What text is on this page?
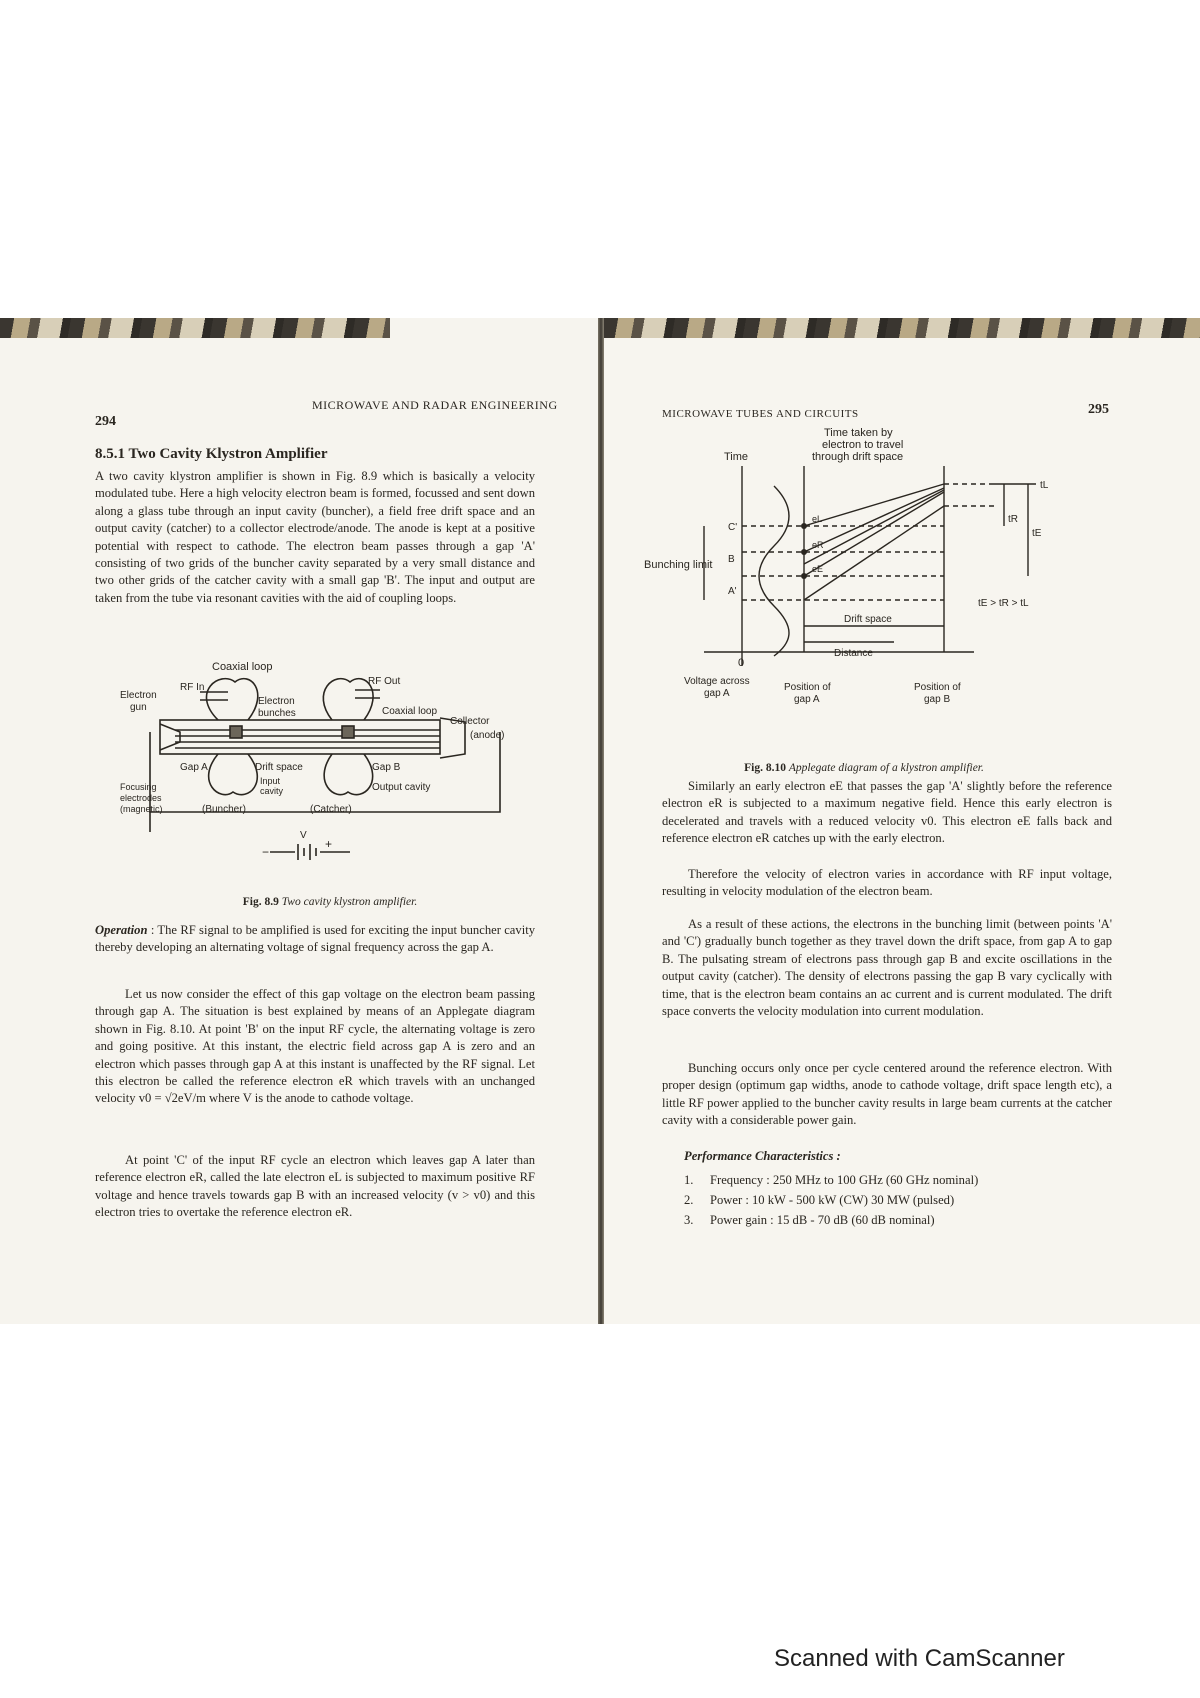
294
MICROWAVE AND RADAR ENGINEERING
8.5.1 Two Cavity Klystron Amplifier
A two cavity klystron amplifier is shown in Fig. 8.9 which is basically a velocity modulated tube. Here a high velocity electron beam is formed, focussed and sent down along a glass tube through an input cavity (buncher), a field free drift space and an output cavity (catcher) to a collector electrode/anode. The anode is kept at a positive potential with respect to cathode. The electron beam passes through a gap 'A' consisting of two grids of the buncher cavity separated by a very small distance and two other grids of the catcher cavity with a small gap 'B'. The input and output are taken from the tube via resonant cavities with the aid of coupling loops.
Coaxial loop
RF In
Electron
gun
Electron
bunches
RF Out
Coaxial loop
Collector
(anode)
Gap A	Drift space	Gap B
Input
cavity	Output cavity
Focusing
electrodes
(magnetic)	(Buncher)	(Catcher)
V
−
+
Fig. 8.9 Two cavity klystron amplifier.
Operation : The RF signal to be amplified is used for exciting the input buncher cavity thereby developing an alternating voltage of signal frequency across the gap A.
Let us now consider the effect of this gap voltage on the electron beam passing through gap A. The situation is best explained by means of an Applegate diagram shown in Fig. 8.10. At point 'B' on the input RF cycle, the alternating voltage is zero and going positive. At this instant, the electric field across gap A is zero and an electron which passes through gap A at this instant is unaffected by the RF signal. Let this electron be called the reference electron eR which travels with an unchanged velocity v0 = √2eV/m where V is the anode to cathode voltage.
At point 'C' of the input RF cycle an electron which leaves gap A later than reference electron eR, called the late electron eL is subjected to maximum positive RF voltage and hence travels towards gap B with an increased velocity (v > v0) and this electron tries to overtake the reference electron eR.
MICROWAVE TUBES AND CIRCUITS	295
Time taken by
electron to travel
through drift space
Time
Bunching limit B
C'
A'
eL
eR
eE
tL
tR
tE
tE > tR > tL
Drift space
Distance
0
Voltage across
gap A
Position of
gap A
Position of
gap B
Fig. 8.10 Applegate diagram of a klystron amplifier.
Similarly an early electron eE that passes the gap 'A' slightly before the reference electron eR is subjected to a maximum negative field. Hence this early electron is decelerated and travels with a reduced velocity v0. This electron eE falls back and reference electron eR catches up with the early electron.
Therefore the velocity of electron varies in accordance with RF input voltage, resulting in velocity modulation of the electron beam.
As a result of these actions, the electrons in the bunching limit (between points 'A' and 'C') gradually bunch together as they travel down the drift space, from gap A to gap B. The pulsating stream of electrons pass through gap B and excite oscillations in the output cavity (catcher). The density of electrons passing the gap B vary cyclically with time, that is the electron beam contains an ac current and is current modulated. The drift space converts the velocity modulation into current modulation.
Bunching occurs only once per cycle centered around the reference electron. With proper design (optimum gap widths, anode to cathode voltage, drift space length etc), a little RF power applied to the buncher cavity results in large beam currents at the catcher cavity with a considerable power gain.
Performance Characteristics :
1. Frequency : 250 MHz to 100 GHz (60 GHz nominal)
2. Power : 10 kW - 500 kW (CW) 30 MW (pulsed)
3. Power gain : 15 dB - 70 dB (60 dB nominal)
Scanned with CamScanner
